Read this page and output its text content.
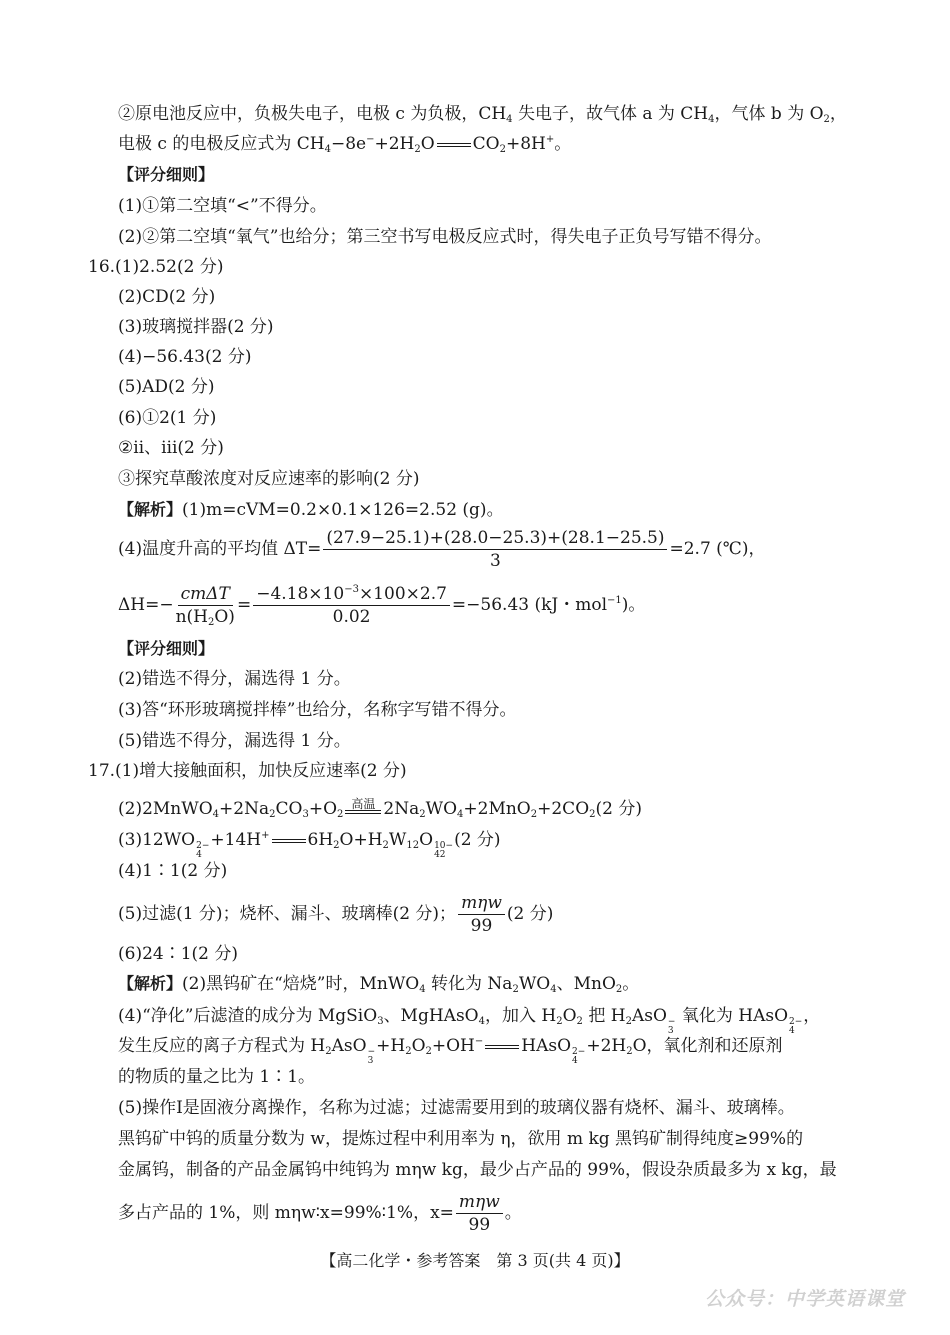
②原电池反应中，负极失电子，电极 c 为负极，$CH_4$ 失电子，故气体 a 为 $CH_4$，气体 b 为 $O_2$，
电极 c 的电极反应式为 $CH_4-8e^-+2H_2O$ $CO_2+8H^+$。
【评分细则】
(1)①第二空填“<”不得分。
(2)②第二空填“氧气”也给分；第三空书写电极反应式时，得失电子正负号写错不得分。
16.(1)2.52(2 分)
(2)CD(2 分)
(3)玻璃搅拌器(2 分)
(4)−56.43(2 分)
(5)AD(2 分)
(6)①2(1 分)
②ⅱ、ⅲ(2 分)
③探究草酸浓度对反应速率的影响(2 分)
【解析】(1)m=cVM=0.2×0.1×126=2.52 (g)。
(4)温度升高的平均值 $\Delta T= \frac{(27.9-25.1)+(28.0-25.3)+(28.1-25.5)}{3} =2.7$ (℃)，
$\Delta H=- \frac{\text{cmΔT}}{n(H_2O)} = \frac{-4.18\times 10^{-3}\times 100\times 2.7}{0.02} =-56.43$ (kJ・mol$^{-1}$)。
【评分细则】
(2)错选不得分，漏选得 1 分。
(3)答“环形玻璃搅拌棒”也给分，名称字写错不得分。
(5)错选不得分，漏选得 1 分。
17.(1)增大接触面积，加快反应速率(2 分)
$(2)2MnWO_4+2Na_2CO_3+O_2$
高温 $2Na_2WO_4+2MnO_2+2CO_2(2$ 分)
(3)12WO 2−
4
+14H+ $6H_2O+H_2W_{12}O$ 10−
42
(2 分)
(4)1∶1(2 分)
(5)过滤(1 分)；烧杯、漏斗、玻璃棒(2 分)； $\frac{\text{mηw}}{99} (2$ 分)
(6)24∶1(2 分)
【解析】(2)黑钨矿在“焙烧”时，MnWO$_4$ 转化为 $Na_2WO_4$、MnO$_2$。
(4)“净化”后滤渣的成分为 MgSiO$_3$、MgHAsO$_4$，加入 $H_2O_2$ 把 $H_2AsO$ −
3
氧化为 HAsO 2−
4
，
发生反应的离子方程式为 $H_2AsO$ −
3
$+H_2O_2+OH^-$ HAsO 2−
4
$+2H_2O$，氧化剂和还原剂
的物质的量之比为 1∶1。
(5)操作Ⅰ是固液分离操作，名称为过滤；过滤需要用到的玻璃仪器有烧杯、漏斗、玻璃棒。
黑钨矿中钨的质量分数为 w，提炼过程中利用率为 η，欲用 m kg 黑钨矿制得纯度≥99%的
金属钨，制备的产品金属钨中纯钨为 mηw kg，最少占产品的 99%，假设杂质最多为 x kg，最
多占产品的 1%，则 mηw∶x=99%∶1%，$x= \frac{\text{mηw}}{99}$ 。
【高二化学・参考答案　第 3 页(共 4 页)】
公众号：中学英语课堂
